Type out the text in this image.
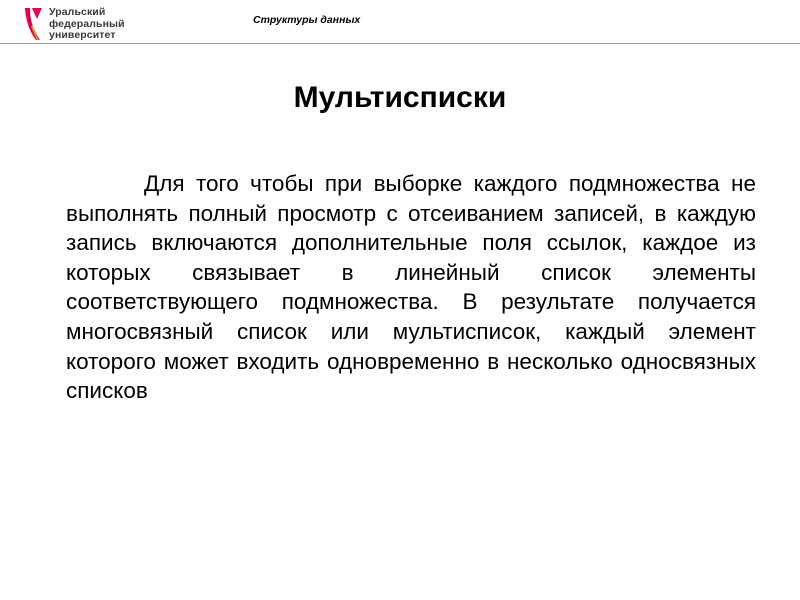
Уральский
федеральный
университет

Структуры данных

Мультисписки

Для того чтобы при выборке каждого подмножества не выполнять полный просмотр с отсеиванием записей, в каждую запись включаются дополнительные поля ссылок, каждое из которых связывает в линейный список элементы соответствующего подмножества. В результате получается многосвязный список или мультисписок, каждый элемент которого может входить одновременно в несколько односвязных списков
